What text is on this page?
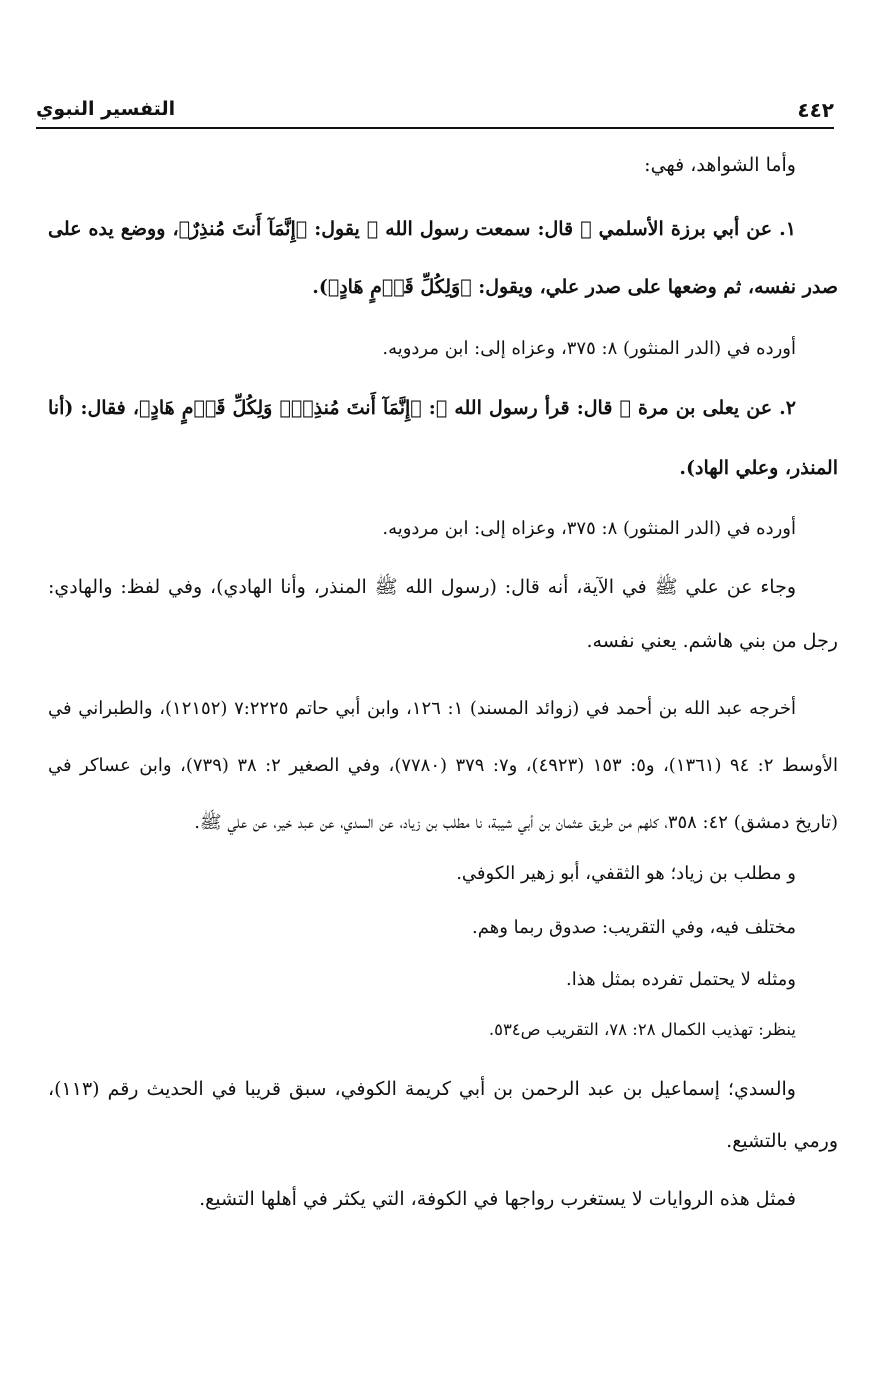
٤٤٢
التفسير النبوي

وأما الشواهد، فهي:

١. عن أبي برزة الأسلمي ﷺ قال: سمعت رسول الله ﷺ يقول: ﴿إِنَّمَآ أَنتَ مُنذِرٌ﴾، ووضع يده على صدر نفسه، ثم وضعها على صدر علي، ويقول: ﴿وَلِكُلِّ قَوۡمٍ هَادٍ﴾).

أورده في (الدر المنثور) ٨: ٣٧٥، وعزاه إلى: ابن مردويه.

٢. عن يعلى بن مرة ﷺ قال: قرأ رسول الله ﷺ: ﴿إِنَّمَآ أَنتَ مُنذِرٌۖ وَلِكُلِّ قَوۡمٍ هَادٍ﴾، فقال: (أنا المنذر، وعلي الهاد).

أورده في (الدر المنثور) ٨: ٣٧٥، وعزاه إلى: ابن مردويه.

وجاء عن علي ﷺ في الآية، أنه قال: (رسول الله ﷺ المنذر، وأنا الهادي)، وفي لفظ: والهادي: رجل من بني هاشم. يعني نفسه.

أخرجه عبد الله بن أحمد في (زوائد المسند) ١: ١٢٦، وابن أبي حاتم ٧:٢٢٢٥ (١٢١٥٢)، والطبراني في الأوسط ٢: ٩٤ (١٣٦١)، و٥: ١٥٣ (٤٩٢٣)، و٧: ٣٧٩ (٧٧٨٠)، وفي الصغير ٢: ٣٨ (٧٣٩)، وابن عساكر في (تاريخ دمشق) ٤٢: ٣٥٨، كلهم من طريق عثمان بن أبي شيبة، نا مطلب بن زياد، عن السدي، عن عبد خير، عن علي ﷺ.

و مطلب بن زياد؛ هو الثقفي، أبو زهير الكوفي.

مختلف فيه، وفي التقريب: صدوق ربما وهم.

ومثله لا يحتمل تفرده بمثل هذا.

ينظر: تهذيب الكمال ٢٨: ٧٨، التقريب ص٥٣٤.

والسدي؛ إسماعيل بن عبد الرحمن بن أبي كريمة الكوفي، سبق قريبا في الحديث رقم (١١٣)، ورمي بالتشيع.

فمثل هذه الروايات لا يستغرب رواجها في الكوفة، التي يكثر في أهلها التشيع.
